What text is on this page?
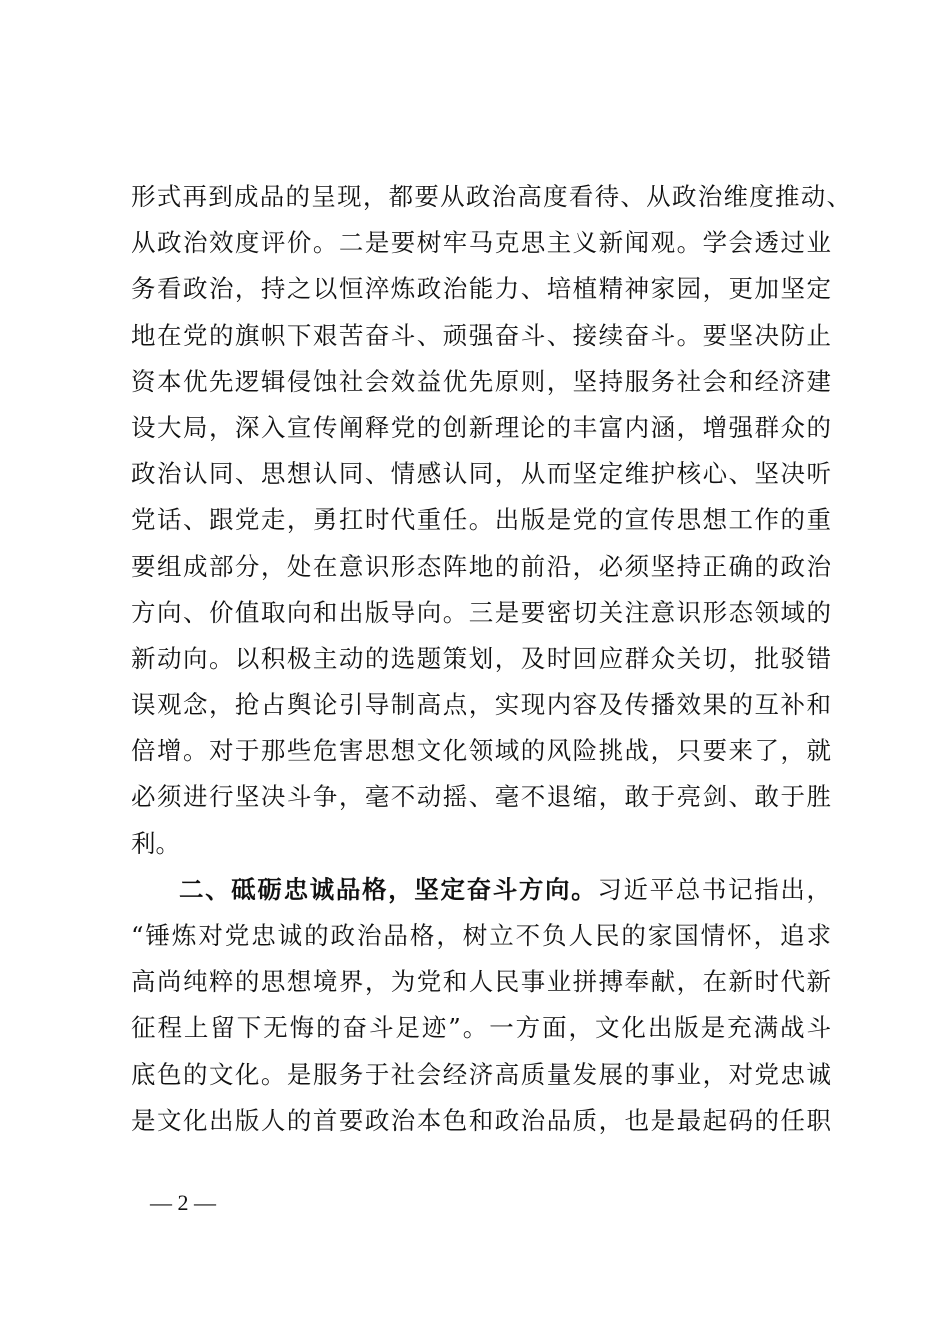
形式再到成品的呈现，都要从政治高度看待、从政治维度推动、
从政治效度评价。二是要树牢马克思主义新闻观。学会透过业
务看政治，持之以恒淬炼政治能力、培植精神家园，更加坚定
地在党的旗帜下艰苦奋斗、顽强奋斗、接续奋斗。要坚决防止
资本优先逻辑侵蚀社会效益优先原则，坚持服务社会和经济建
设大局，深入宣传阐释党的创新理论的丰富内涵，增强群众的
政治认同、思想认同、情感认同，从而坚定维护核心、坚决听
党话、跟党走，勇扛时代重任。出版是党的宣传思想工作的重
要组成部分，处在意识形态阵地的前沿，必须坚持正确的政治
方向、价值取向和出版导向。三是要密切关注意识形态领域的
新动向。以积极主动的选题策划，及时回应群众关切，批驳错
误观念，抢占舆论引导制高点，实现内容及传播效果的互补和
倍增。对于那些危害思想文化领域的风险挑战，只要来了，就
必须进行坚决斗争，毫不动摇、毫不退缩，敢于亮剑、敢于胜
利。
二、砥砺忠诚品格，坚定奋斗方向。习近平总书记指出，
“锤炼对党忠诚的政治品格，树立不负人民的家国情怀，追求
高尚纯粹的思想境界，为党和人民事业拼搏奉献，在新时代新
征程上留下无悔的奋斗足迹”。一方面，文化出版是充满战斗
底色的文化。是服务于社会经济高质量发展的事业，对党忠诚
是文化出版人的首要政治本色和政治品质，也是最起码的任职
— 2 —
